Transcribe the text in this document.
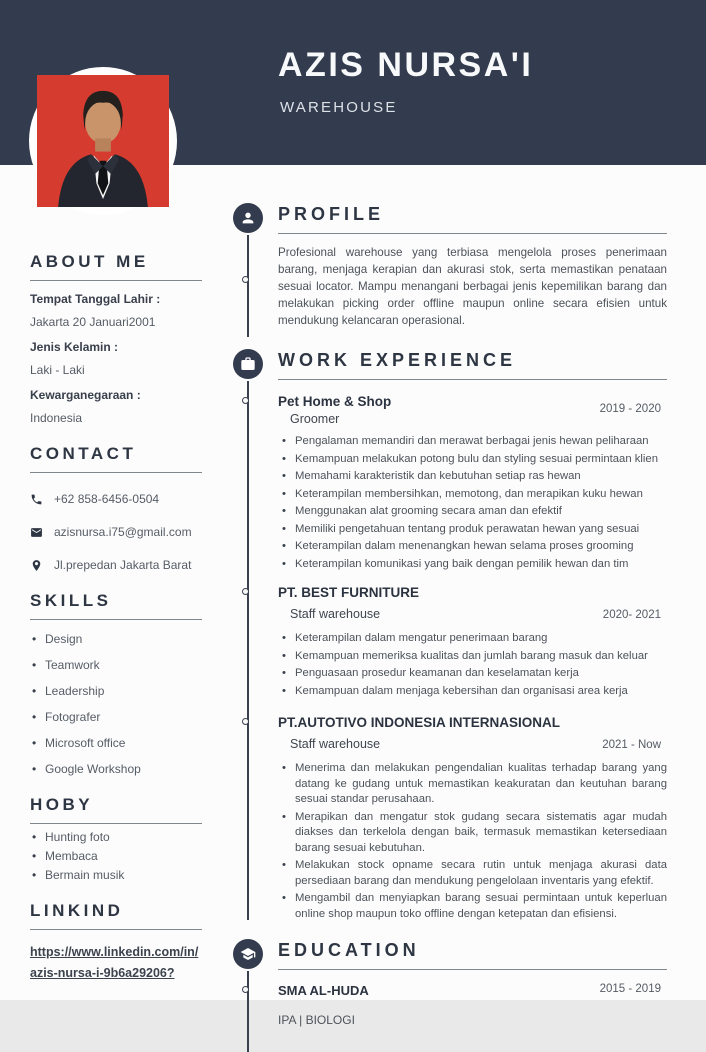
AZIS NURSA'I
WAREHOUSE
ABOUT ME
Tempat Tanggal Lahir :
Jakarta 20 Januari2001
Jenis Kelamin :
Laki - Laki
Kewarganegaraan :
Indonesia
CONTACT
+62 858-6456-0504
azisnursa.i75@gmail.com
Jl.prepedan Jakarta Barat
SKILLS
• Design
• Teamwork
• Leadership
• Fotografer
• Microsoft office
• Google Workshop
HOBY
• Hunting foto
• Membaca
• Bermain musik
LINKIND
https://www.linkedin.com/in/azis-nursa-i-9b6a29206?
PROFILE

Profesional warehouse yang terbiasa mengelola proses penerimaan barang, menjaga kerapian dan akurasi stok, serta memastikan penataan sesuai locator. Mampu menangani berbagai jenis kepemilikan barang dan melakukan picking order offline maupun online secara efisien untuk mendukung kelancaran operasional.

WORK EXPERIENCE
Pet Home & Shop
Groomer
2019 - 2020
• Pengalaman memandiri dan merawat berbagai jenis hewan peliharaan
• Kemampuan melakukan potong bulu dan styling sesuai permintaan klien
• Memahami karakteristik dan kebutuhan setiap ras hewan
• Keterampilan membersihkan, memotong, dan merapikan kuku hewan
• Menggunakan alat grooming secara aman dan efektif
• Memiliki pengetahuan tentang produk perawatan hewan yang sesuai
• Keterampilan dalam menenangkan hewan selama proses grooming
• Keterampilan komunikasi yang baik dengan pemilik hewan dan tim
PT. BEST FURNITURE
Staff warehouse	2020- 2021
• Keterampilan dalam mengatur penerimaan barang
• Kemampuan memeriksa kualitas dan jumlah barang masuk dan keluar
• Penguasaan prosedur keamanan dan keselamatan kerja
• Kemampuan dalam menjaga kebersihan dan organisasi area kerja
PT.AUTOTIVO INDONESIA INTERNASIONAL
Staff warehouse	2021 - Now
• Menerima dan melakukan pengendalian kualitas terhadap barang yang datang ke gudang untuk memastikan keakuratan dan keutuhan barang sesuai standar perusahaan.
• Merapikan dan mengatur stok gudang secara sistematis agar mudah diakses dan terkelola dengan baik, termasuk memastikan ketersediaan barang sesuai kebutuhan.
• Melakukan stock opname secara rutin untuk menjaga akurasi data persediaan barang dan mendukung pengelolaan inventaris yang efektif.
• Mengambil dan menyiapkan barang sesuai permintaan untuk keperluan online shop maupun toko offline dengan ketepatan dan efisiensi.
EDUCATION
SMA AL-HUDA	2015 - 2019
IPA | BIOLOGI
